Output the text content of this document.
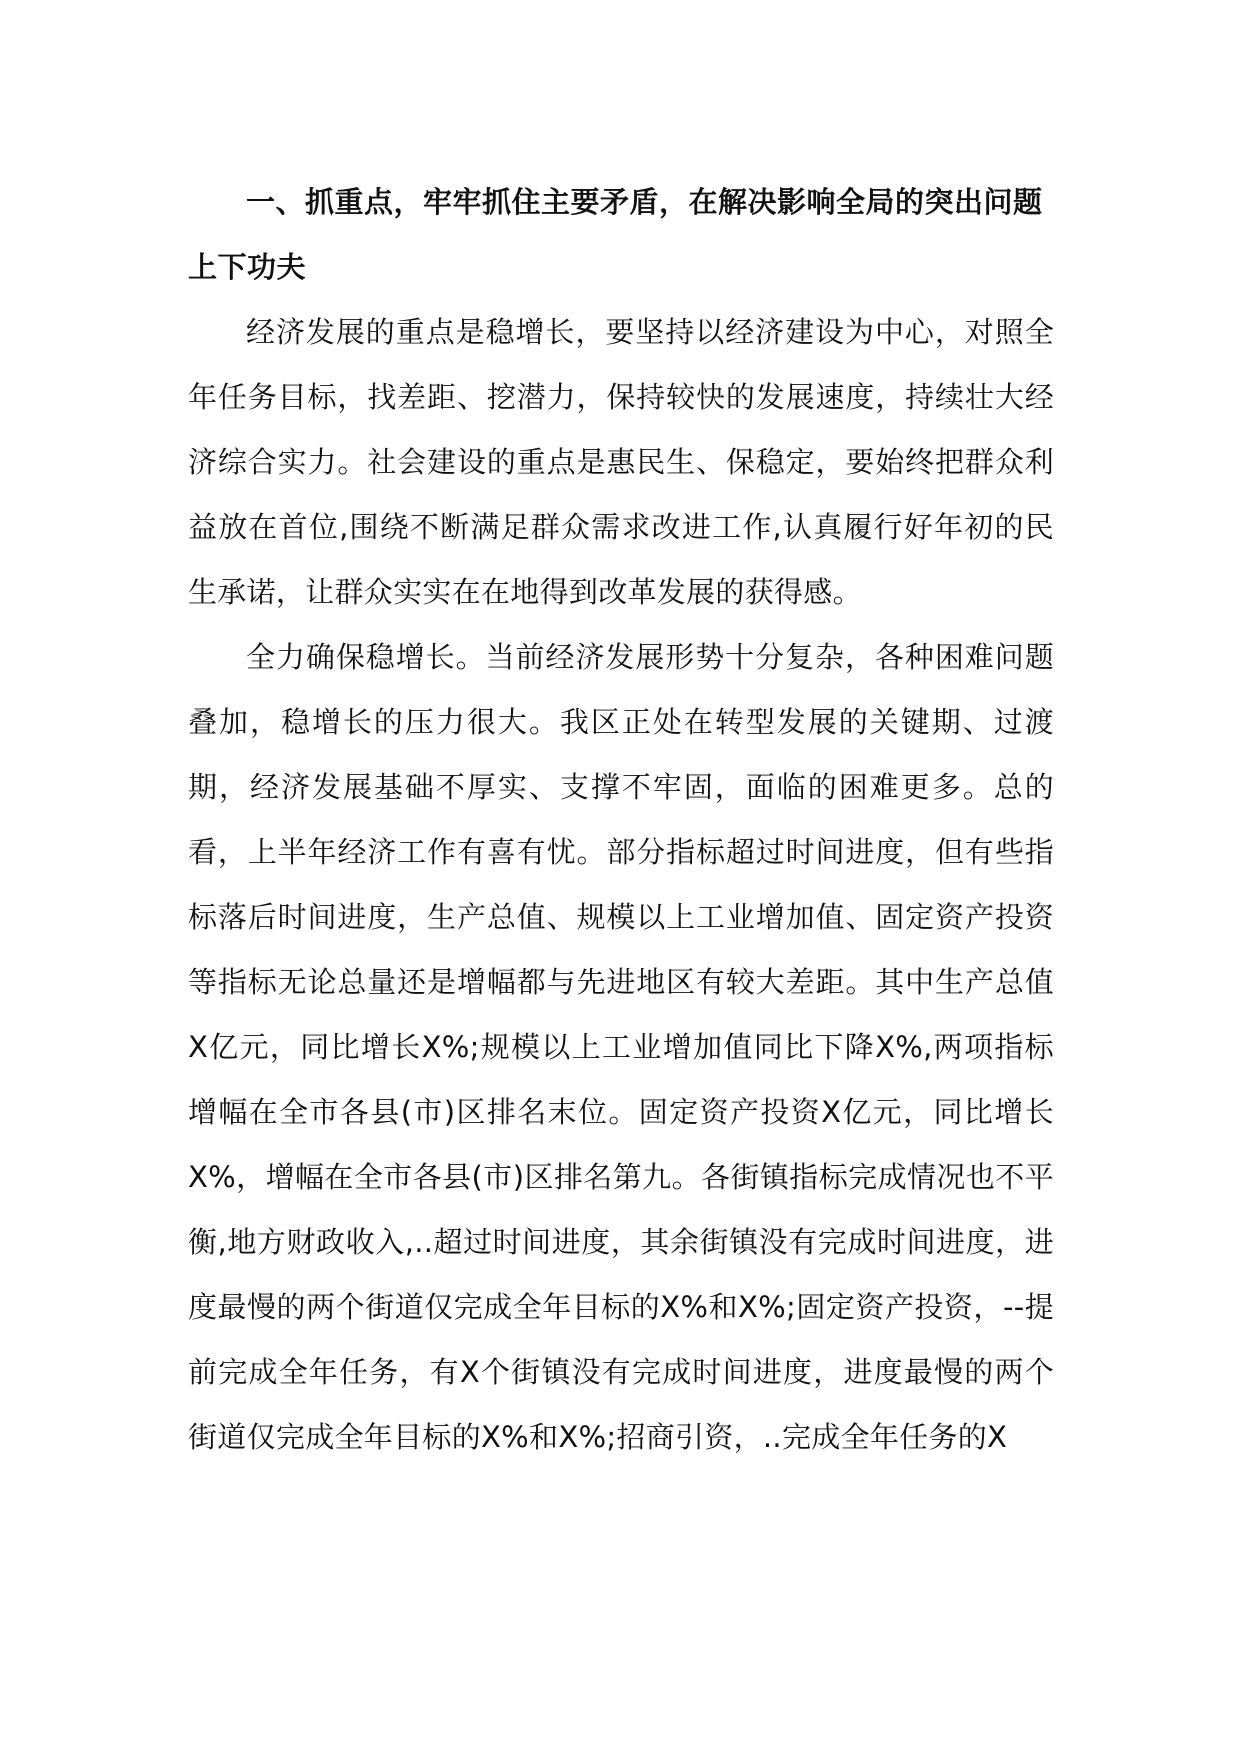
一、抓重点，牢牢抓住主要矛盾，在解决影响全局的突出问题上下功夫

经济发展的重点是稳增长，要坚持以经济建设为中心，对照全年任务目标，找差距、挖潜力，保持较快的发展速度，持续壮大经济综合实力。社会建设的重点是惠民生、保稳定，要始终把群众利益放在首位,围绕不断满足群众需求改进工作,认真履行好年初的民生承诺，让群众实实在在地得到改革发展的获得感。

全力确保稳增长。当前经济发展形势十分复杂，各种困难问题叠加，稳增长的压力很大。我区正处在转型发展的关键期、过渡期，经济发展基础不厚实、支撑不牢固，面临的困难更多。总的看，上半年经济工作有喜有忧。部分指标超过时间进度，但有些指标落后时间进度，生产总值、规模以上工业增加值、固定资产投资等指标无论总量还是增幅都与先进地区有较大差距。其中生产总值X亿元，同比增长X%;规模以上工业增加值同比下降X%,两项指标增幅在全市各县(市)区排名末位。固定资产投资X亿元，同比增长X%，增幅在全市各县(市)区排名第九。各街镇指标完成情况也不平衡,地方财政收入,..超过时间进度，其余街镇没有完成时间进度，进度最慢的两个街道仅完成全年目标的X%和X%;固定资产投资，--提前完成全年任务，有X个街镇没有完成时间进度，进度最慢的两个街道仅完成全年目标的X%和X%;招商引资，..完成全年任务的X
